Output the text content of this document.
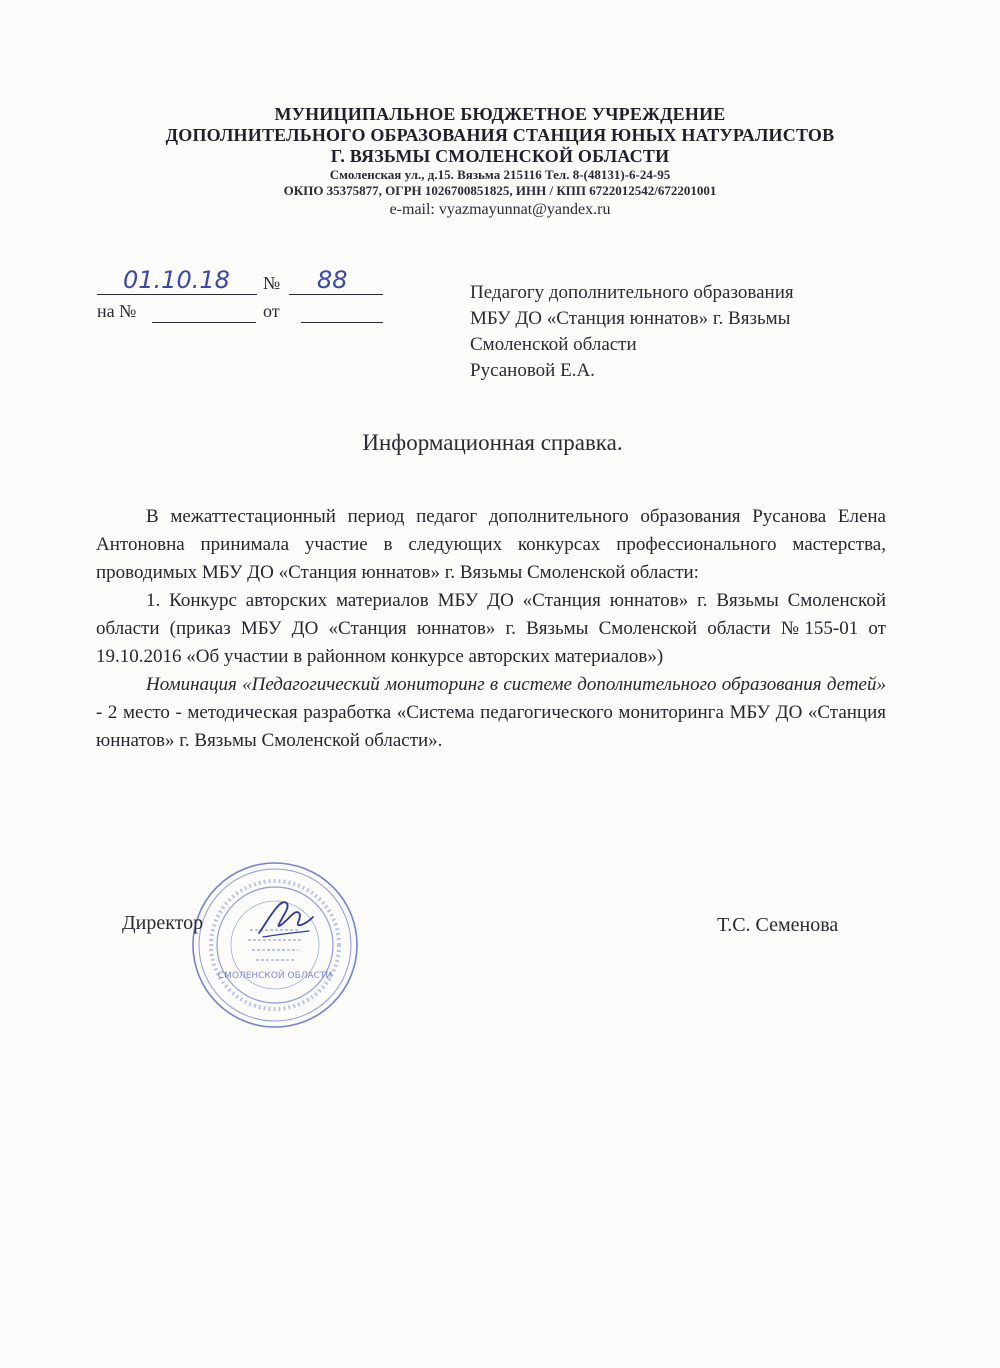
МУНИЦИПАЛЬНОЕ БЮДЖЕТНОЕ УЧРЕЖДЕНИЕ
ДОПОЛНИТЕЛЬНОГО ОБРАЗОВАНИЯ СТАНЦИЯ ЮНЫХ НАТУРАЛИСТОВ
Г. ВЯЗЬМЫ СМОЛЕНСКОЙ ОБЛАСТИ
Смоленская ул., д.15. Вязьма 215116 Тел. 8-(48131)-6-24-95
ОКПО 35375877, ОГРН 1026700851825, ИНН / КПП 6722012542/672201001
e-mail: vyazmayunnat@yandex.ru
01.10.18 № 88
на №	от
Педагогу дополнительного образования
МБУ ДО «Станция юннатов» г. Вязьмы
Смоленской области
Русановой Е.А.
Информационная справка.

В межаттестационный период педагог дополнительного образования Русанова Елена Антоновна принимала участие в следующих конкурсах профессионального мастерства, проводимых МБУ ДО «Станция юннатов» г. Вязьмы Смоленской области:

1. Конкурс авторских материалов МБУ ДО «Станция юннатов» г. Вязьмы Смоленской области (приказ МБУ ДО «Станция юннатов» г. Вязьмы Смоленской области №155-01 от 19.10.2016 «Об участии в районном конкурсе авторских материалов»)

Номинация «Педагогический мониторинг в системе дополнительного образования детей» - 2 место - методическая разработка «Система педагогического мониторинга МБУ ДО «Станция юннатов» г. Вязьмы Смоленской области».

СМОЛЕНСКОЙ ОБЛАСТИ
Директор	Т.С. Семенова
